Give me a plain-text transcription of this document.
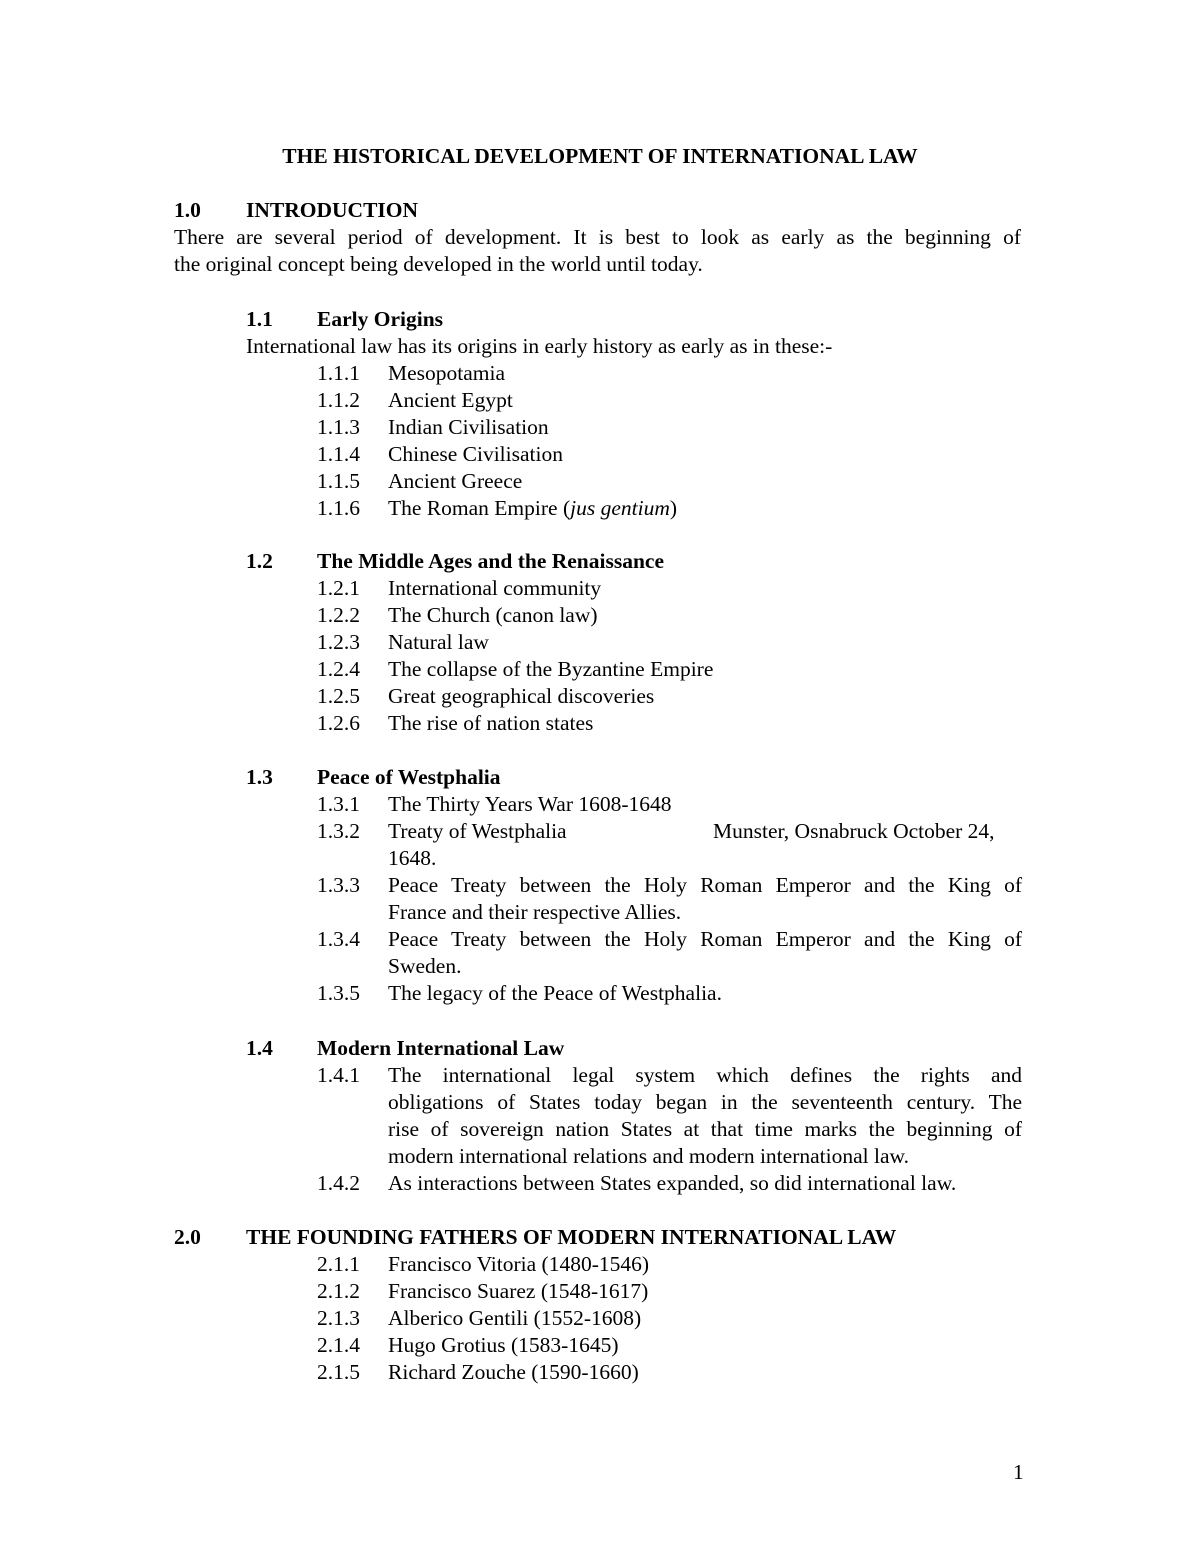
THE HISTORICAL DEVELOPMENT OF INTERNATIONAL LAW
1.0 INTRODUCTION
There are several period of development. It is best to look as early as the beginning of
the original concept being developed in the world until today.
1.1 Early Origins
International law has its origins in early history as early as in these:-
1.1.1 Mesopotamia
1.1.2 Ancient Egypt
1.1.3 Indian Civilisation
1.1.4 Chinese Civilisation
1.1.5 Ancient Greece
1.1.6 The Roman Empire (jus gentium)
1.2 The Middle Ages and the Renaissance
1.2.1 International community
1.2.2 The Church (canon law)
1.2.3 Natural law
1.2.4 The collapse of the Byzantine Empire
1.2.5 Great geographical discoveries
1.2.6 The rise of nation states
1.3 Peace of Westphalia
1.3.1 The Thirty Years War 1608-1648
1.3.2 Treaty of Westphalia	Munster, Osnabruck October 24,
1648.
1.3.3 Peace Treaty between the Holy Roman Emperor and the King of
France and their respective Allies.
1.3.4 Peace Treaty between the Holy Roman Emperor and the King of
Sweden.
1.3.5 The legacy of the Peace of Westphalia.
1.4 Modern International Law
1.4.1 The international legal system which defines the rights and
obligations of States today began in the seventeenth century. The
rise of sovereign nation States at that time marks the beginning of
modern international relations and modern international law.
1.4.2 As interactions between States expanded, so did international law.
2.0 THE FOUNDING FATHERS OF MODERN INTERNATIONAL LAW
2.1.1 Francisco Vitoria (1480-1546)
2.1.2 Francisco Suarez (1548-1617)
2.1.3 Alberico Gentili (1552-1608)
2.1.4 Hugo Grotius (1583-1645)
2.1.5 Richard Zouche (1590-1660)
1
